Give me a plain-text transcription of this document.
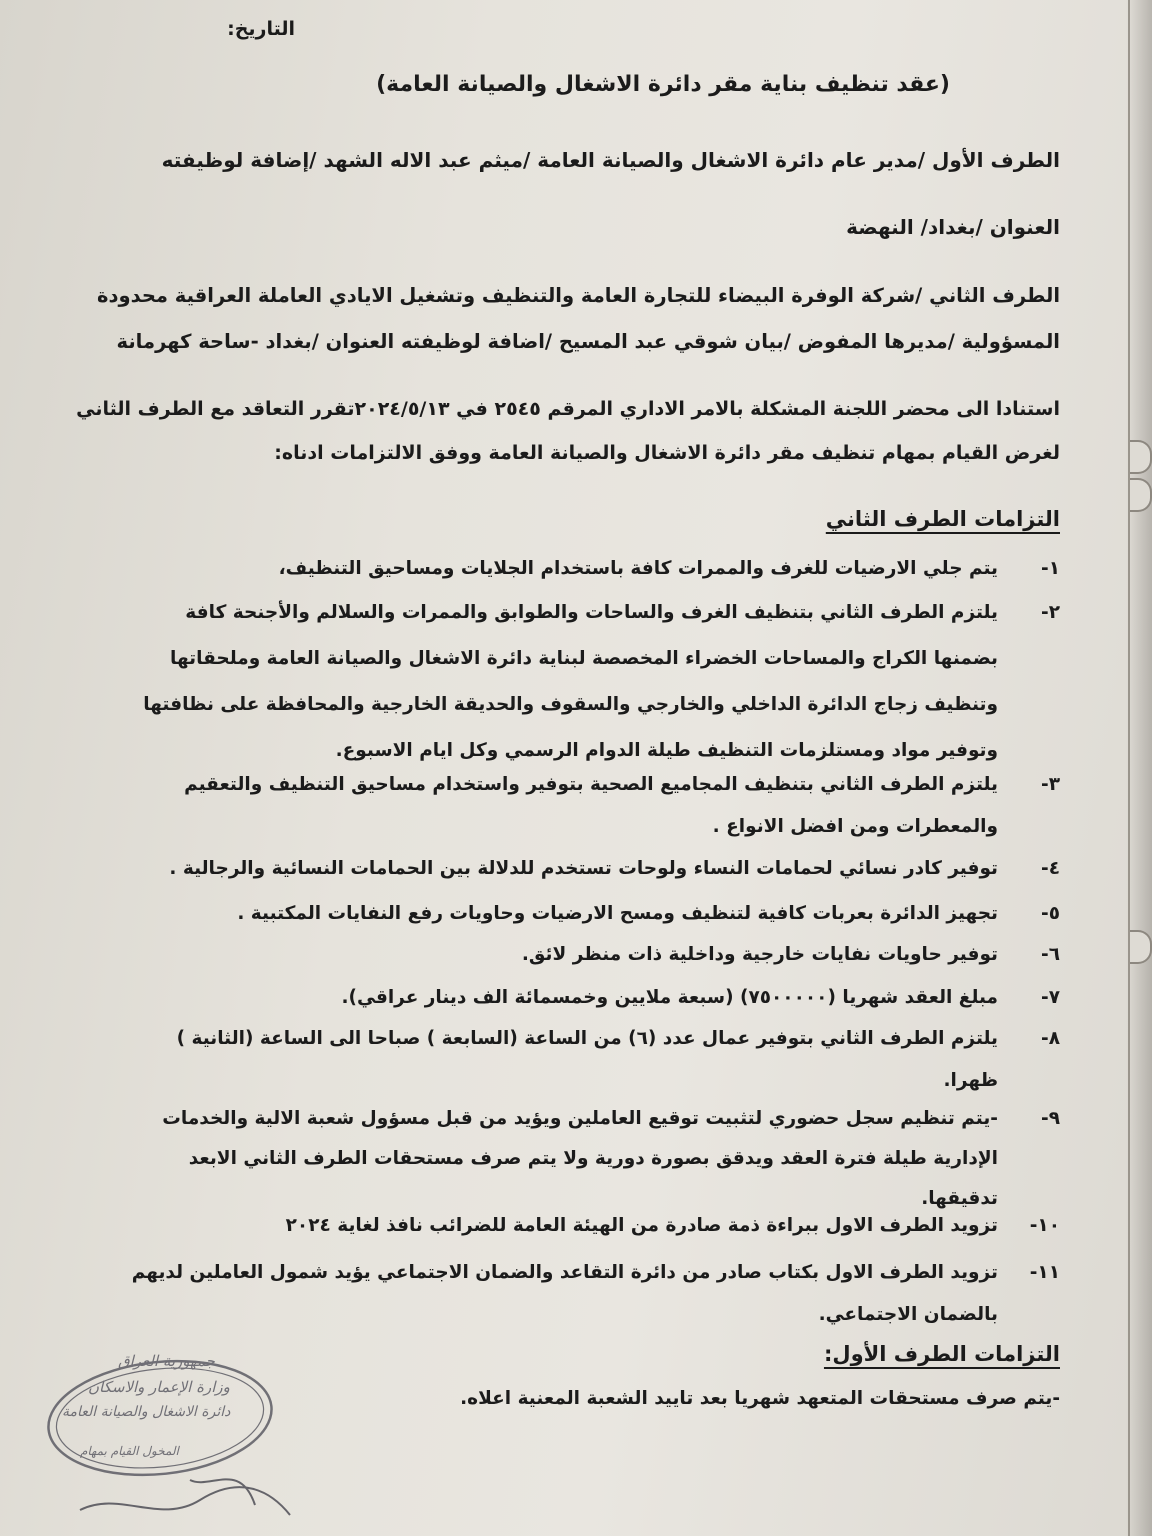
التاريخ:
(عقد تنظيف بناية مقر دائرة الاشغال والصيانة العامة)
الطرف الأول /مدير عام دائرة الاشغال والصيانة العامة /ميثم عبد الاله الشهد /إضافة لوظيفته
العنوان /بغداد/ النهضة
الطرف الثاني /شركة الوفرة البيضاء للتجارة العامة والتنظيف وتشغيل الايادي العاملة العراقية محدودة
المسؤولية /مديرها المفوض /بيان شوقي عبد المسيح /اضافة لوظيفته العنوان /بغداد -ساحة كهرمانة
استنادا الى محضر اللجنة المشكلة بالامر الاداري المرقم ٢٥٤٥ في ٢٠٢٤/٥/١٣تقرر التعاقد مع الطرف الثاني
لغرض القيام بمهام تنظيف مقر دائرة الاشغال والصيانة العامة ووفق الالتزامات ادناه:
التزامات الطرف الثاني
١-يتم جلي الارضيات للغرف والممرات كافة باستخدام الجلايات ومساحيق التنظيف،
٢-يلتزم الطرف الثاني بتنظيف الغرف والساحات والطوابق والممرات والسلالم والأجنحة كافة
بضمنها الكراج والمساحات الخضراء المخصصة لبناية دائرة الاشغال والصيانة العامة وملحقاتها
وتنظيف زجاج الدائرة الداخلي والخارجي والسقوف والحديقة الخارجية والمحافظة على نظافتها
وتوفير مواد ومستلزمات التنظيف طيلة الدوام الرسمي وكل ايام الاسبوع.
٣-يلتزم الطرف الثاني بتنظيف المجاميع الصحية بتوفير واستخدام مساحيق التنظيف والتعقيم
والمعطرات ومن افضل الانواع .
٤-توفير كادر نسائي لحمامات النساء ولوحات تستخدم للدلالة بين الحمامات النسائية والرجالية .
٥-تجهيز الدائرة بعربات كافية لتنظيف ومسح الارضيات وحاويات رفع النفايات المكتبية .
٦-توفير حاويات نفايات خارجية وداخلية ذات منظر لائق.
٧-مبلغ العقد شهريا (٧٥٠٠٠٠٠) (سبعة ملايين وخمسمائة الف دينار عراقي).
٨-يلتزم الطرف الثاني بتوفير عمال عدد (٦) من الساعة (السابعة ) صباحا الى الساعة (الثانية )
ظهرا.
٩--يتم تنظيم سجل حضوري لتثبيت توقيع العاملين ويؤيد من قبل مسؤول شعبة الالية والخدمات
الإدارية طيلة فترة العقد ويدقق بصورة دورية ولا يتم صرف مستحقات الطرف الثاني الابعد
تدقيقها.
١٠-تزويد الطرف الاول ببراءة ذمة صادرة من الهيئة العامة للضرائب نافذ لغاية ٢٠٢٤
١١-تزويد الطرف الاول بكتاب صادر من دائرة التقاعد والضمان الاجتماعي يؤيد شمول العاملين لديهم
بالضمان الاجتماعي.
التزامات الطرف الأول:
-يتم صرف مستحقات المتعهد شهريا بعد تاييد الشعبة المعنية اعلاه.
جمهورية العراق
وزارة الإعمار والاسكان
دائرة الاشغال والصيانة العامة
المخول القيام بمهام
